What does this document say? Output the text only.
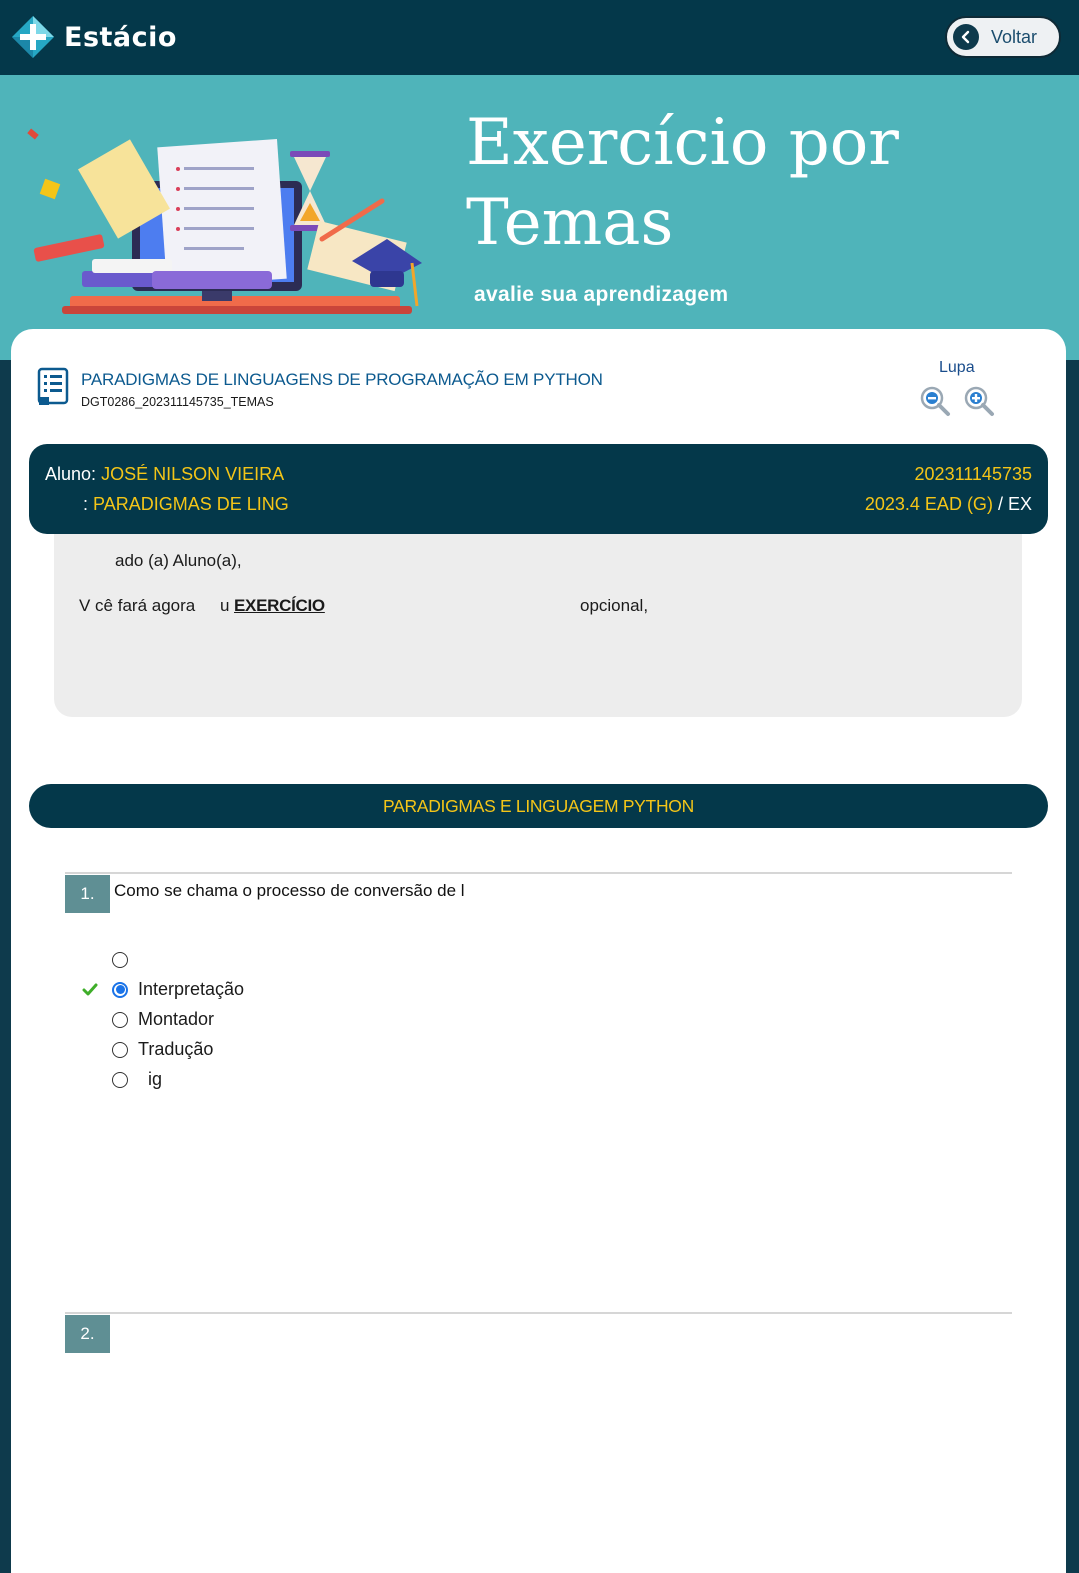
Estácio	Voltar
Exercício por Temas
avalie sua aprendizagem
PARADIGMAS DE LINGUAGENS DE PROGRAMAÇÃO EM PYTHON
DGT0286_202311145735_TEMAS
Lupa
Aluno: JOSÉ NILSON VIEIRA
: PARADIGMAS DE LING
202311145735
2023.4 EAD (G) / EX
ado (a) Aluno(a),
V cê fará agora u EXERCÍCIO	opcional,
PARADIGMAS E LINGUAGEM PYTHON
1.	Como se chama o processo de conversão de l
Interpretação
Montador
Tradução
ig
2.
